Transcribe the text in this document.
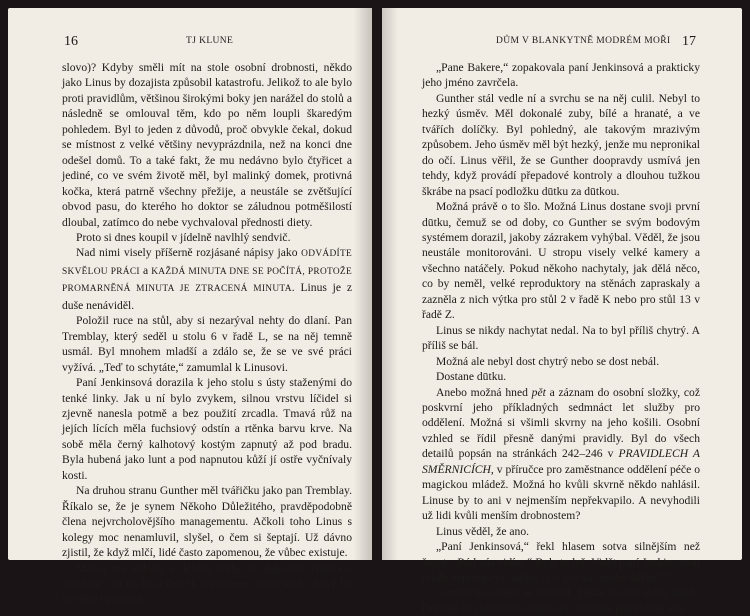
16	TJ KLUNE

slovo)? Kdyby směli mít na stole osobní drobnosti, někdo jako Linus by dozajista způsobil katastrofu. Jelikož to ale bylo proti pravidlům, většinou širokými boky jen narážel do stolů a následně se omlouval těm, kdo po něm loupli škaredým pohledem. Byl to jeden z důvodů, proč obvykle čekal, dokud se místnost z velké většiny nevyprázdnila, než na konci dne odešel domů. To a také fakt, že mu nedávno bylo čtyřicet a jediné, co ve svém životě měl, byl malinký domek, protivná kočka, která patrně všechny přežije, a neustále se zvětšující obvod pasu, do kterého ho doktor se záludnou potměšilostí dloubal, zatímco do nebe vychvaloval přednosti diety.

Proto si dnes koupil v jídelně navlhlý sendvič.

Nad nimi visely příšerně rozjásané nápisy jako ODVÁDÍTE SKVĚLOU PRÁCI a KAŽDÁ MINUTA DNE SE POČÍTÁ, PROTOŽE PROMARNĚNÁ MINUTA JE ZTRACENÁ MINUTA. Linus je z duše nenáviděl.

Položil ruce na stůl, aby si nezarýval nehty do dlaní. Pan Tremblay, který seděl u stolu 6 v řadě L, se na něj temně usmál. Byl mnohem mladší a zdálo se, že se ve své práci vyžívá. „Teď to schytáte,“ zamumlal k Linusovi.

Paní Jenkinsová dorazila k jeho stolu s ústy staženými do tenké linky. Jak u ní bylo zvykem, silnou vrstvu líčidel si zjevně nanesla potmě a bez použití zrcadla. Tmavá růž na jejích lících měla fuchsiový odstín a rtěnka barvu krve. Na sobě měla černý kalhotový kostým zapnutý až pod bradu. Byla hubená jako lunt a pod napnutou kůží jí ostře vyčnívaly kosti.

Na druhou stranu Gunther měl tvářičku jako pan Tremblay. Říkalo se, že je synem Někoho Důležitého, pravděpodobně člena nejvrcholovějšího managementu. Ačkoli toho Linus s kolegy moc nenamluvil, slyšel, o čem si šeptají. Už dávno zjistil, že když mlčí, lidé často zapomenou, že vůbec existuje.

Matka mu jednou v dětství řekla, že dokonale splývá s omítkou i na to, že si člověk vzpomene pouze tehdy, když ho na něco upozorní.

DŮM V BLANKYTNĚ MODRÉM MOŘI 17

„Pane Bakere,“ zopakovala paní Jenkinsová a prakticky jeho jméno zavrčela.

Gunther stál vedle ní a svrchu se na něj culil. Nebyl to hezký úsměv. Měl dokonalé zuby, bílé a hranaté, a ve tvářích dolíčky. Byl pohledný, ale takovým mrazivým způsobem. Jeho úsměv měl být hezký, jenže mu nepronikal do očí. Linus věřil, že se Gunther doopravdy usmívá jen tehdy, když provádí přepadové kontroly a dlouhou tužkou škrábe na psací podložku dūtku za dūtkou.

Možná právě o to šlo. Možná Linus dostane svoji první dūtku, čemuž se od doby, co Gunther se svým bodovým systémem dorazil, jakoby zázrakem vyhýbal. Věděl, že jsou neustále monitorováni. U stropu visely velké kamery a všechno natáčely. Pokud někoho nachytaly, jak dělá něco, co by neměl, velké reproduktory na stěnách zapraskaly a zazněla z nich výtka pro stůl 2 v řadě K nebo pro stůl 13 v řadě Z.

Linus se nikdy nachytat nedal. Na to byl příliš chytrý. A příliš se bál.

Možná ale nebyl dost chytrý nebo se dost nebál.

Dostane dūtku.

Anebo možná hned pět a záznam do osobní složky, což poskvrní jeho příkladných sedmnáct let služby pro oddělení. Možná si všimli skvrny na jeho košili. Osobní vzhled se řídil přesně danými pravidly. Byl do všech detailů popsán na stránkách 242–246 v PRAVIDLECH A SMĚRNICÍCH, v příručce pro zaměstnance oddělení péče o magickou mládež. Možná ho kvůli skvrně někdo nahlásil. Linuse by to ani v nejmenším nepřekvapilo. A nevyhodili už lidi kvůli menším drobnostem?

Linus věděl, že ano.

„Paní Jenkinsová,“ řekl hlasem sotva silnějším než šepot. „Rád vás vidím.“ Byla to lež. Vidět paní Jenkinsovou nikdy nepřinášelo radost. „Co pro vás mohu udělat?“

Guntherův úsměv se rozšířil. Takže možná deset dūtek. Dresink byl konečkou oranžový. Nebude potřebovat kra-
